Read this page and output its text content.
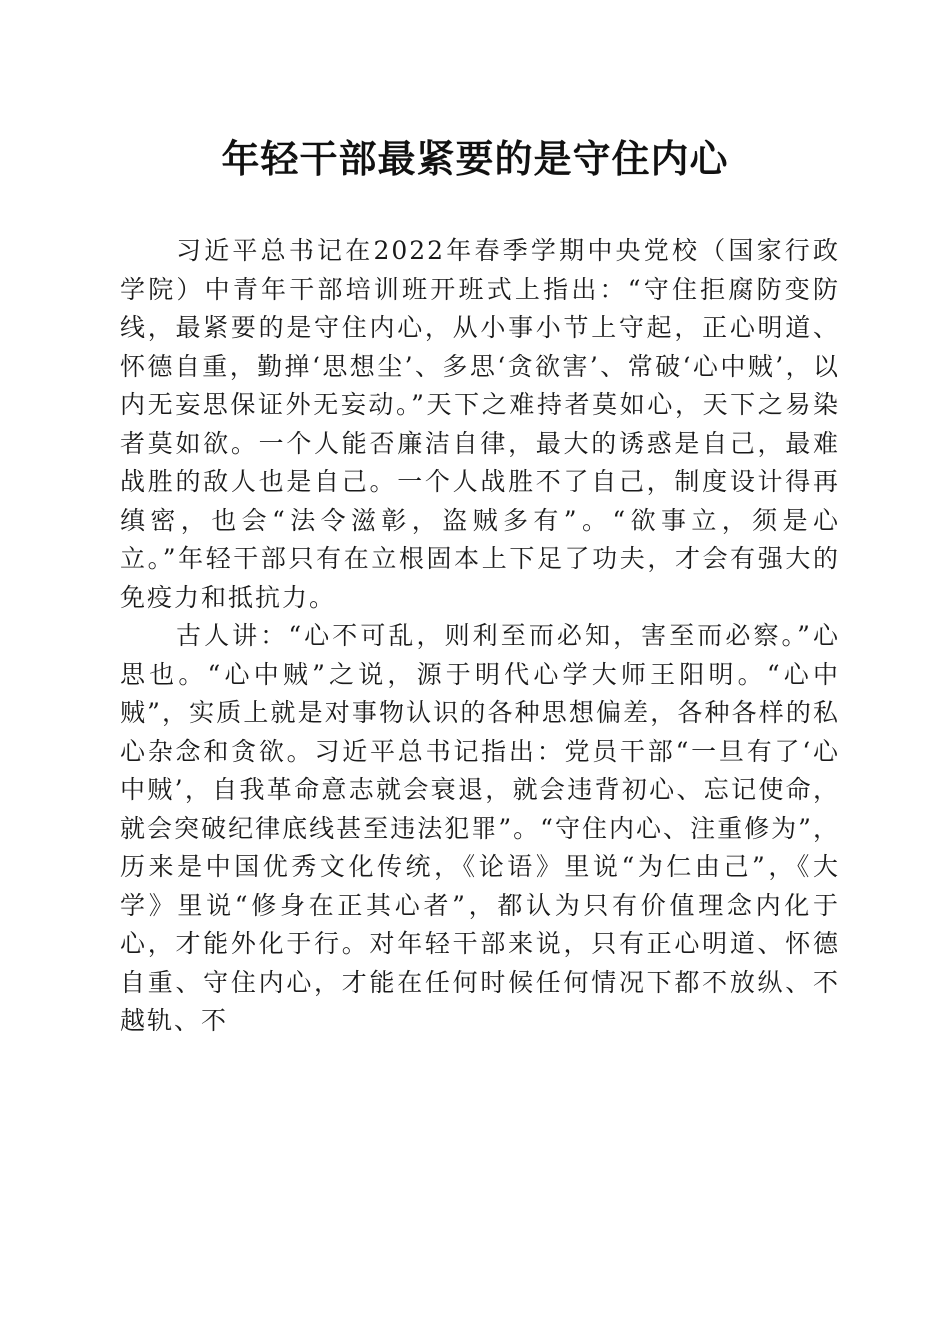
年轻干部最紧要的是守住内心

习近平总书记在2022年春季学期中央党校（国家行政学院）中青年干部培训班开班式上指出：“守住拒腐防变防线，最紧要的是守住内心，从小事小节上守起，正心明道、怀德自重，勤掸‘思想尘’、多思‘贪欲害’、常破‘心中贼’，以内无妄思保证外无妄动。”天下之难持者莫如心，天下之易染者莫如欲。一个人能否廉洁自律，最大的诱惑是自己，最难战胜的敌人也是自己。一个人战胜不了自己，制度设计得再缜密，也会“法令滋彰，盗贼多有”。“欲事立，须是心立。”年轻干部只有在立根固本上下足了功夫，才会有强大的免疫力和抵抗力。

古人讲：“心不可乱，则利至而必知，害至而必察。”心思也。“心中贼”之说，源于明代心学大师王阳明。“心中贼”，实质上就是对事物认识的各种思想偏差，各种各样的私心杂念和贪欲。习近平总书记指出：党员干部“一旦有了‘心中贼’，自我革命意志就会衰退，就会违背初心、忘记使命，就会突破纪律底线甚至违法犯罪”。“守住内心、注重修为”，历来是中国优秀文化传统，《论语》里说“为仁由己”，《大学》里说“修身在正其心者”，都认为只有价值理念内化于心，才能外化于行。对年轻干部来说，只有正心明道、怀德自重、守住内心，才能在任何时候任何情况下都不放纵、不越轨、不
